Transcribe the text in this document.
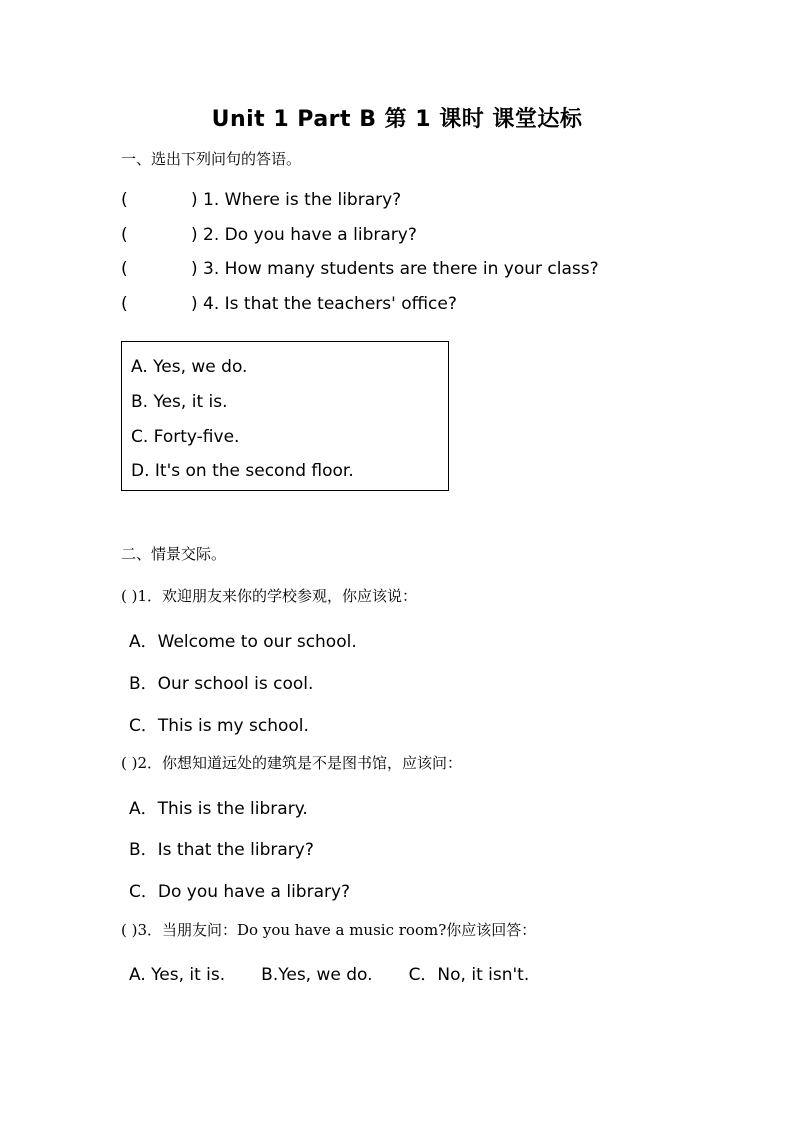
Unit 1 Part B 第 1 课时 课堂达标
一、选出下列问句的答语。
(	) 1. Where is the library?
(	) 2. Do you have a library?
(	) 3. How many students are there in your class?
(	) 4. Is that the teachers' office?
A. Yes, we do.
B. Yes, it is.
C. Forty-five.
D. It's on the second floor.
二、情景交际。
( )1．欢迎朋友来你的学校参观，你应该说：
A．Welcome to our school.
B．Our school is cool.
C．This is my school.
( )2．你想知道远处的建筑是不是图书馆，应该问：
A．This is the library.
B．Is that the library?
C．Do you have a library?
( )3．当朋友问：Do you have a music room?你应该回答：
A. Yes, it is. B.Yes, we do. C．No, it isn't.
